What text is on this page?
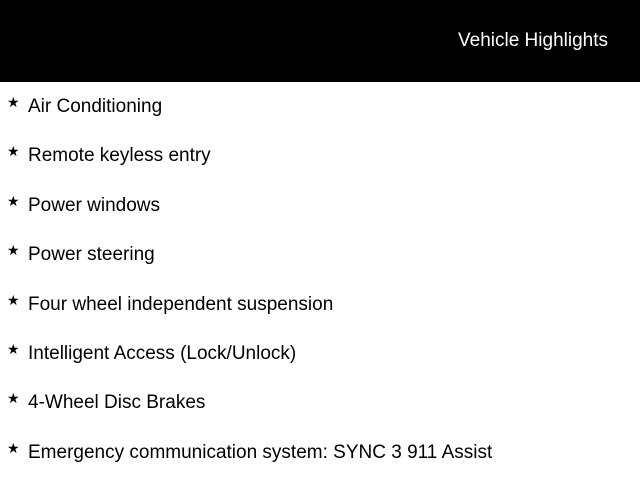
Vehicle Highlights
★ Air Conditioning
★ Remote keyless entry
★ Power windows
★ Power steering
★ Four wheel independent suspension
★ Intelligent Access (Lock/Unlock)
★ 4-Wheel Disc Brakes
★ Emergency communication system: SYNC 3 911 Assist
